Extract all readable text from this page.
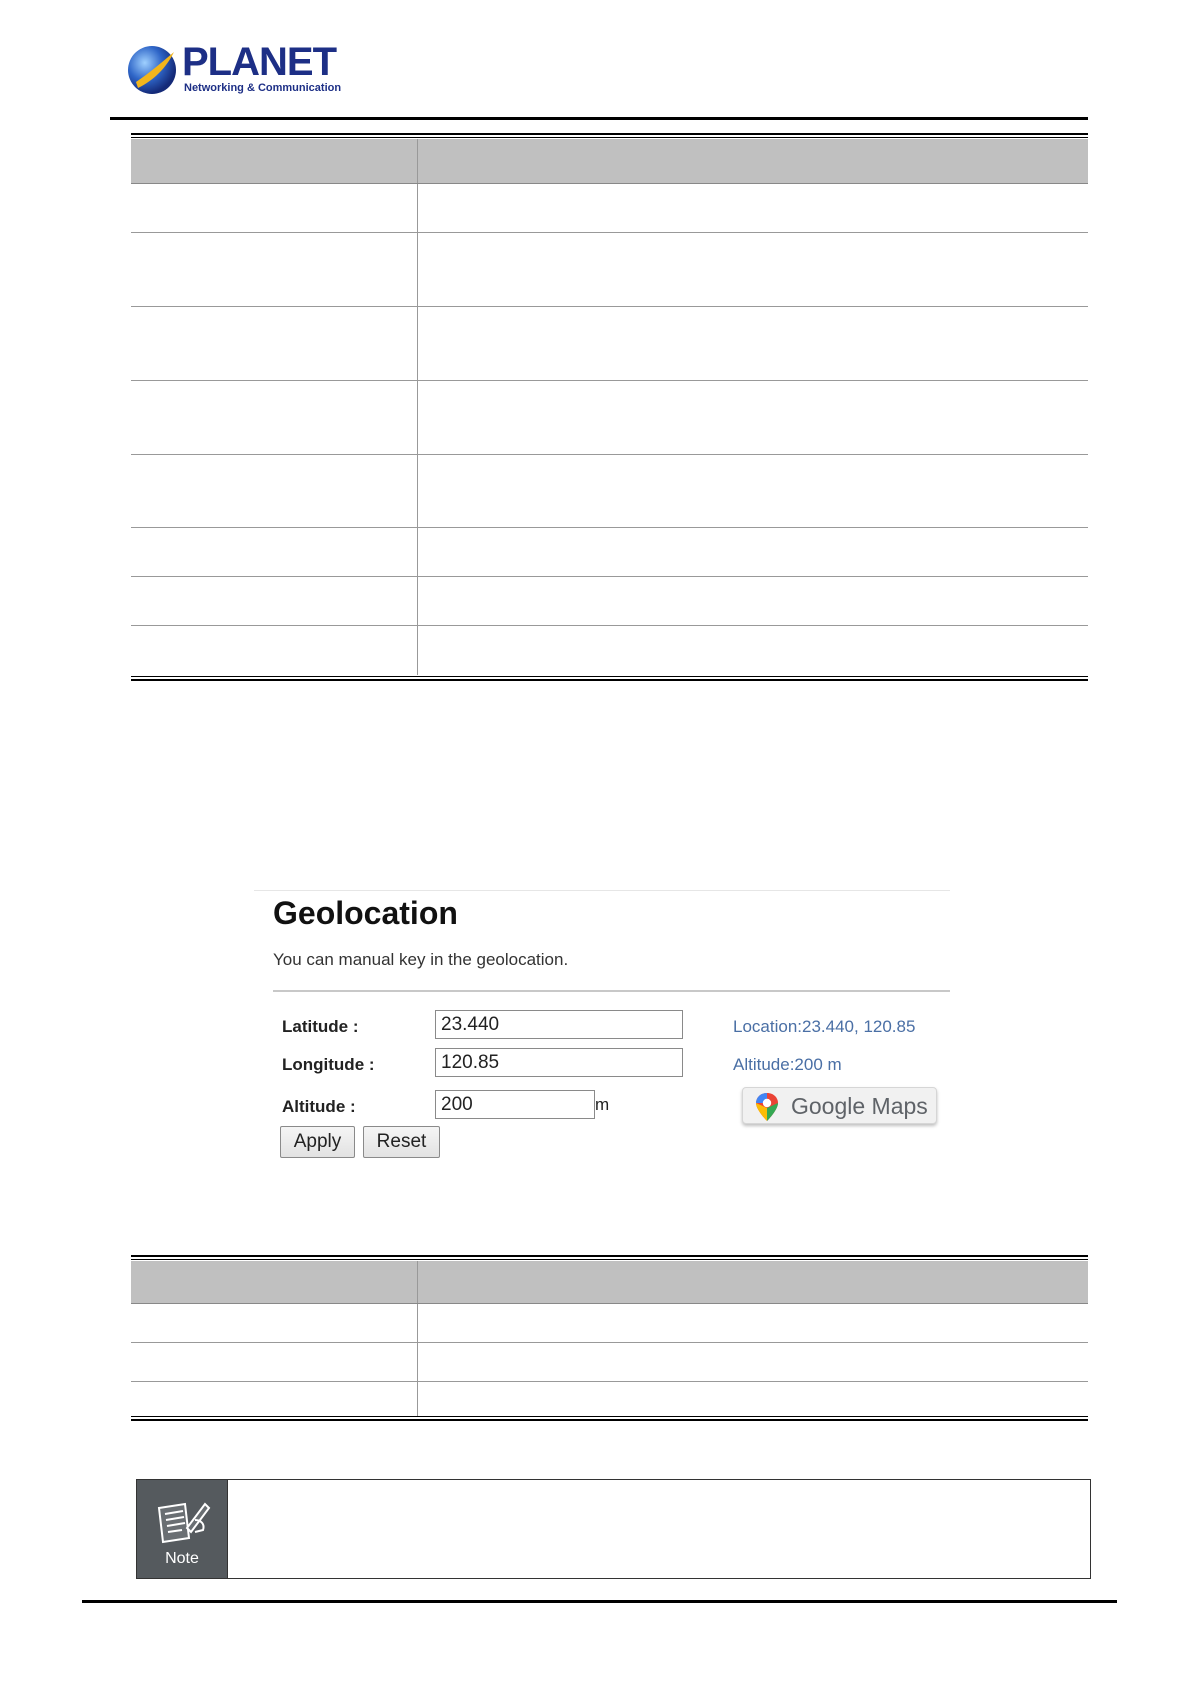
PLANET
Networking & Communication
Geolocation
You can manual key in the geolocation.
Latitude :	23.440	Location:23.440, 120.85
Longitude :	120.85	Altitude:200 m
Altitude :	200	m	Google Maps
Apply	Reset
Note
